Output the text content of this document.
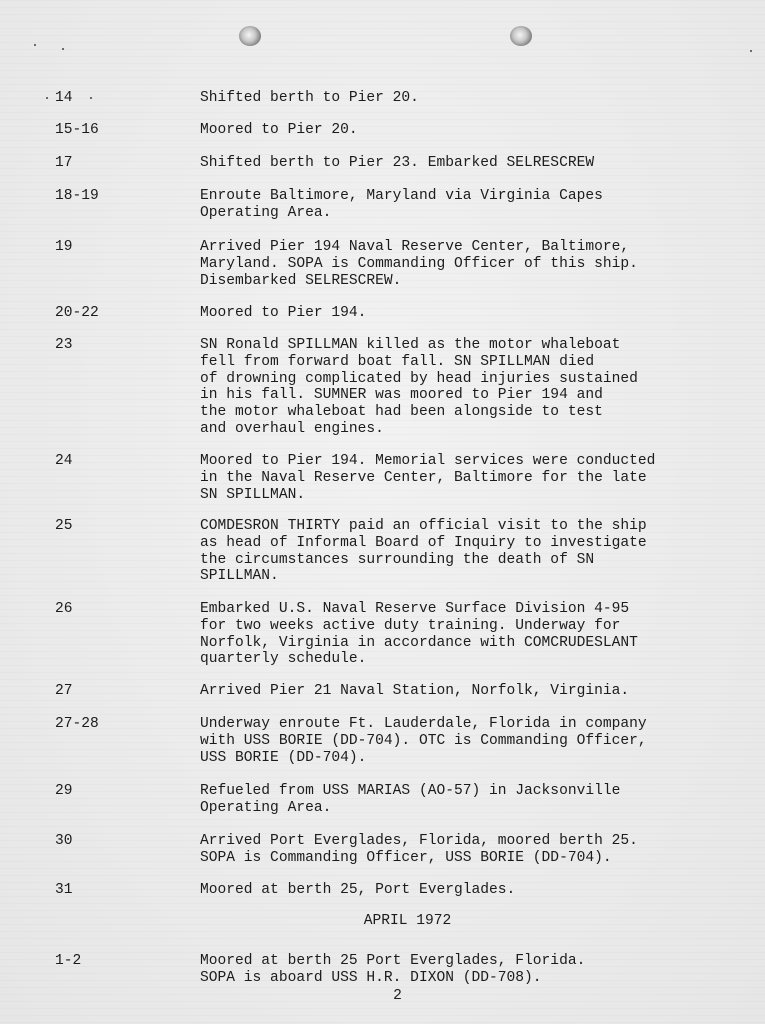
14	Shifted berth to Pier 20.
15-16	Moored to Pier 20.
17	Shifted berth to Pier 23. Embarked SELRESCREW
18-19	Enroute Baltimore, Maryland via Virginia Capes
Operating Area.
19	Arrived Pier 194 Naval Reserve Center, Baltimore,
Maryland. SOPA is Commanding Officer of this ship.
Disembarked SELRESCREW.
20-22	Moored to Pier 194.
23	SN Ronald SPILLMAN killed as the motor whaleboat
fell from forward boat fall. SN SPILLMAN died
of drowning complicated by head injuries sustained
in his fall. SUMNER was moored to Pier 194 and
the motor whaleboat had been alongside to test
and overhaul engines.
24	Moored to Pier 194. Memorial services were conducted
in the Naval Reserve Center, Baltimore for the late
SN SPILLMAN.
25	COMDESRON THIRTY paid an official visit to the ship
as head of Informal Board of Inquiry to investigate
the circumstances surrounding the death of SN
SPILLMAN.
26	Embarked U.S. Naval Reserve Surface Division 4-95
for two weeks active duty training. Underway for
Norfolk, Virginia in accordance with COMCRUDESLANT
quarterly schedule.
27	Arrived Pier 21 Naval Station, Norfolk, Virginia.
27-28	Underway enroute Ft. Lauderdale, Florida in company
with USS BORIE (DD-704). OTC is Commanding Officer,
USS BORIE (DD-704).
29	Refueled from USS MARIAS (AO-57) in Jacksonville
Operating Area.
30	Arrived Port Everglades, Florida, moored berth 25.
SOPA is Commanding Officer, USS BORIE (DD-704).
31	Moored at berth 25, Port Everglades.
APRIL 1972
1-2	Moored at berth 25 Port Everglades, Florida.
SOPA is aboard USS H.R. DIXON (DD-708).
2
